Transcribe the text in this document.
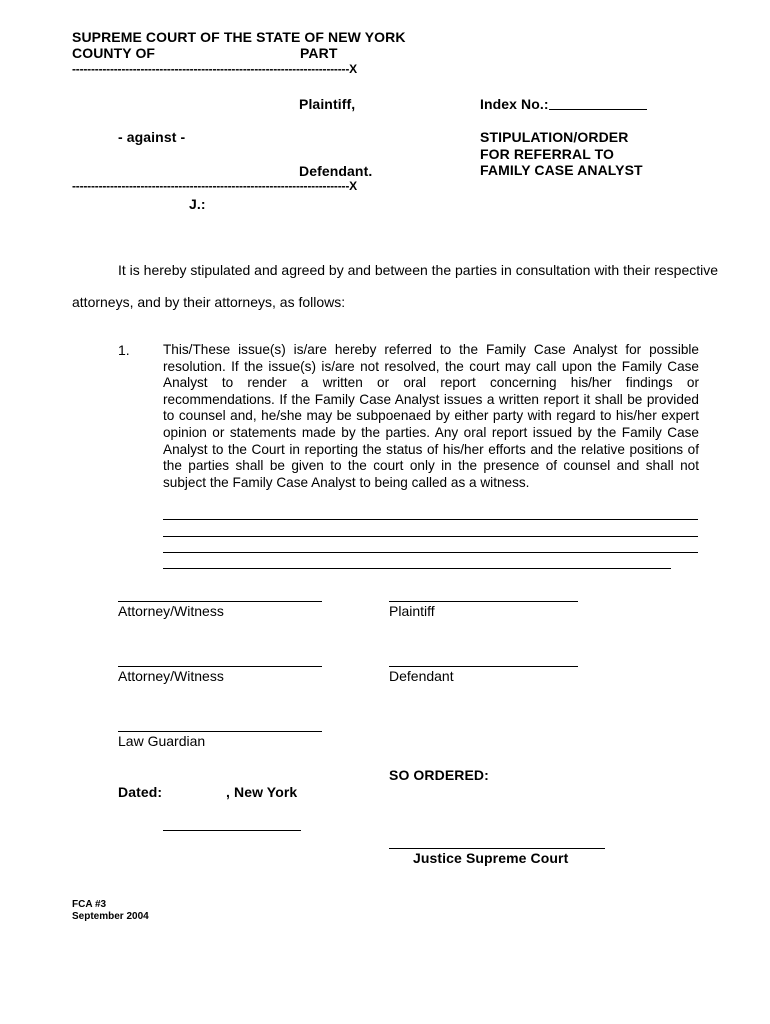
SUPREME COURT OF THE STATE OF NEW YORK
COUNTY OF	PART
-------------------------------------------------------------------------X
Plaintiff,	Index No.:
- against -	STIPULATION/ORDER
FOR REFERRAL TO
FAMILY CASE ANALYST
Defendant.
-------------------------------------------------------------------------X
J.:
It is hereby stipulated and agreed by and between the parties in consultation with their respective
attorneys, and by their attorneys, as follows:
1. This/These issue(s) is/are hereby referred to the Family Case Analyst for possible resolution. If the issue(s) is/are not resolved, the court may call upon the Family Case Analyst to render a written or oral report concerning his/her findings or recommendations. If the Family Case Analyst issues a written report it shall be provided to counsel and, he/she may be subpoenaed by either party with regard to his/her expert opinion or statements made by the parties. Any oral report issued by the Family Case Analyst to the Court in reporting the status of his/her efforts and the relative positions of the parties shall be given to the court only in the presence of counsel and shall not subject the Family Case Analyst to being called as a witness.
Attorney/Witness	Plaintiff
Attorney/Witness	Defendant
Law Guardian
SO ORDERED:
Dated:	, New York
Justice Supreme Court
FCA #3
September 2004
